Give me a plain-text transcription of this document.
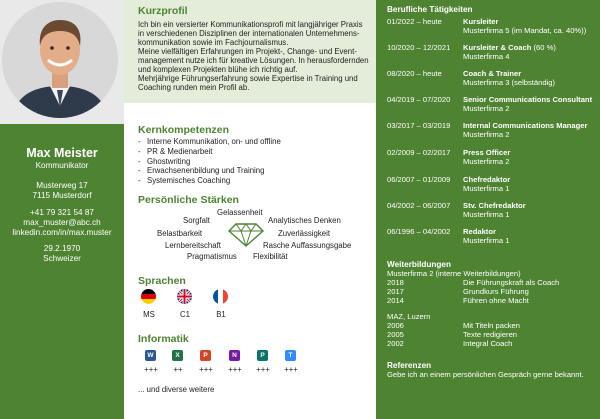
Max Meister
Kommunikator
Musterweg 17
7115 Musterdorf
+41 79 321 54 87
max_muster@abc.ch
linkedin.com/in/max.muster
29.2.1970
Schweizer
Kurzprofil
Ich bin ein versierter Kommunikationsprofi mit langjähriger Praxis
in verschiedenen Disziplinen der internationalen Unternehmens-
kommunikation sowie im Fachjournalismus.
Meine vielfältigen Erfahrungen im Projekt-, Change- und Event-
management nutze ich für kreative Lösungen. In herausfordernden
und komplexen Projekten blühe ich richtig auf.
Mehrjährige Führungserfahrung sowie Expertise in Training und
Coaching runden mein Profil ab.
Kernkompetenzen
- Interne Kommunikation, on- und offline
- PR & Medienarbeit
- Ghostwriting
- Erwachsenenbildung und Training
- Systemisches Coaching
Persönliche Stärken
Gelassenheit
Sorgfalt	Analytisches Denken
Belastbarkeit	Zuverlässigkeit
Lernbereitschaft	Rasche Auffassungsgabe
Pragmatismus Flexibilität
Sprachen
MS	C1	B1
Informatik
W	X	P	N	P	T
+++	++	+++	+++	+++	+++
... und diverse weitere
Berufliche Tätigkeiten
01/2022 – heute	Kursleiter
Musterfirma 5 (im Mandat, ca. 40%))
10/2020 – 12/2021 Kursleiter & Coach (60 %)
Musterfirma 4
08/2020 – heute	Coach & Trainer
Musterfirma 3 (selbständig)
04/2019 – 07/2020 Senior Communications Consultant
Musterfirma 2
03/2017 – 03/2019 Internal Communications Manager
Musterfirma 2
02/2009 – 02/2017 Press Officer
Musterfirma 2
06/2007 – 01/2009 Chefredaktor
Musterfirma 1
04/2002 – 06/2007 Stv. Chefredaktor
Musterfirma 1
06/1996 – 04/2002 Redaktor
Musterfirma 1
Weiterbildungen
Musterfirma 2 (interne Weiterbildungen)
2018	Die Führungskraft als Coach
2017	Grundkurs Führung
2014	Führen ohne Macht
MAZ, Luzern
2006	Mit Titeln packen
2005	Texte redigieren
2002	Integral Coach
Referenzen
Gebe ich an einem persönlichen Gespräch gerne bekannt.
